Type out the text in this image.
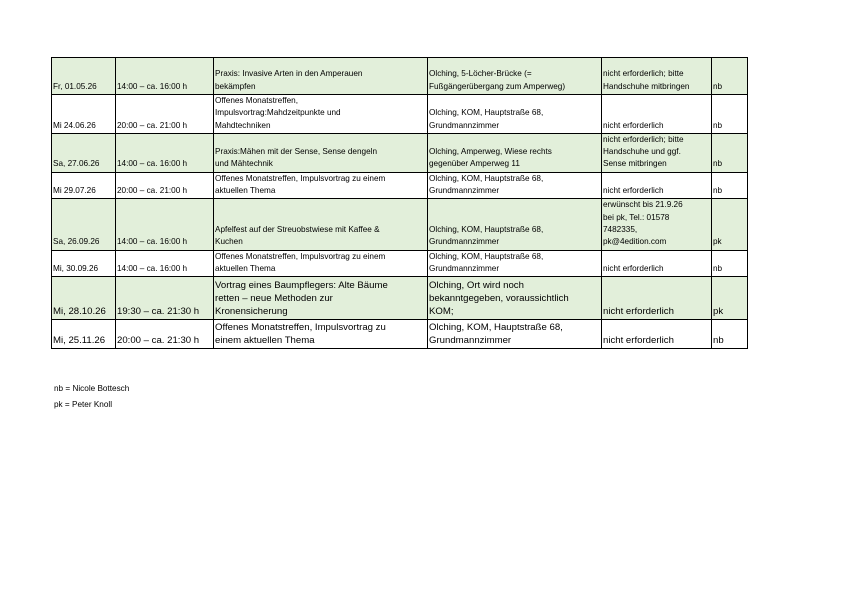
Fr, 01.05.26	14:00 – ca. 16:00 h	Praxis: Invasive Arten in den Amperauen
bekämpfen	Olching, 5-Löcher-Brücke (=
Fußgängerübergang zum Amperweg)	nicht erforderlich; bitte
Handschuhe mitbringen	nb
Mi 24.06.26	20:00 – ca. 21:00 h	Offenes Monatstreffen,
Impulsvortrag:Mahdzeitpunkte und
Mahdtechniken	Olching, KOM, Hauptstraße 68,
Grundmannzimmer	nicht erforderlich	nb
Sa, 27.06.26	14:00 – ca. 16:00 h	Praxis:Mähen mit der Sense, Sense dengeln
und Mähtechnik	Olching, Amperweg, Wiese rechts
gegenüber Amperweg 11	nicht erforderlich; bitte
Handschuhe und ggf.
Sense mitbringen	nb
Mi 29.07.26	20:00 – ca. 21:00 h	Offenes Monatstreffen, Impulsvortrag zu einem
aktuellen Thema	Olching, KOM, Hauptstraße 68,
Grundmannzimmer	nicht erforderlich	nb
Sa, 26.09.26	14:00 – ca. 16:00 h	Apfelfest auf der Streuobstwiese mit Kaffee &
Kuchen	Olching, KOM, Hauptstraße 68,
Grundmannzimmer	erwünscht bis 21.9.26
bei pk, Tel.: 01578
7482335,
pk@4edition.com	pk
Mi, 30.09.26	14:00 – ca. 16:00 h	Offenes Monatstreffen, Impulsvortrag zu einem
aktuellen Thema	Olching, KOM, Hauptstraße 68,
Grundmannzimmer	nicht erforderlich	nb
Mi, 28.10.26	19:30 – ca. 21:30 h	Vortrag eines Baumpflegers: Alte Bäume
retten – neue Methoden zur
Kronensicherung	Olching, Ort wird noch
bekanntgegeben, voraussichtlich
KOM;	nicht erforderlich	pk
Mi, 25.11.26	20:00 – ca. 21:30 h	Offenes Monatstreffen, Impulsvortrag zu
einem aktuellen Thema	Olching, KOM, Hauptstraße 68,
Grundmannzimmer	nicht erforderlich	nb
nb = Nicole Bottesch
pk = Peter Knoll
